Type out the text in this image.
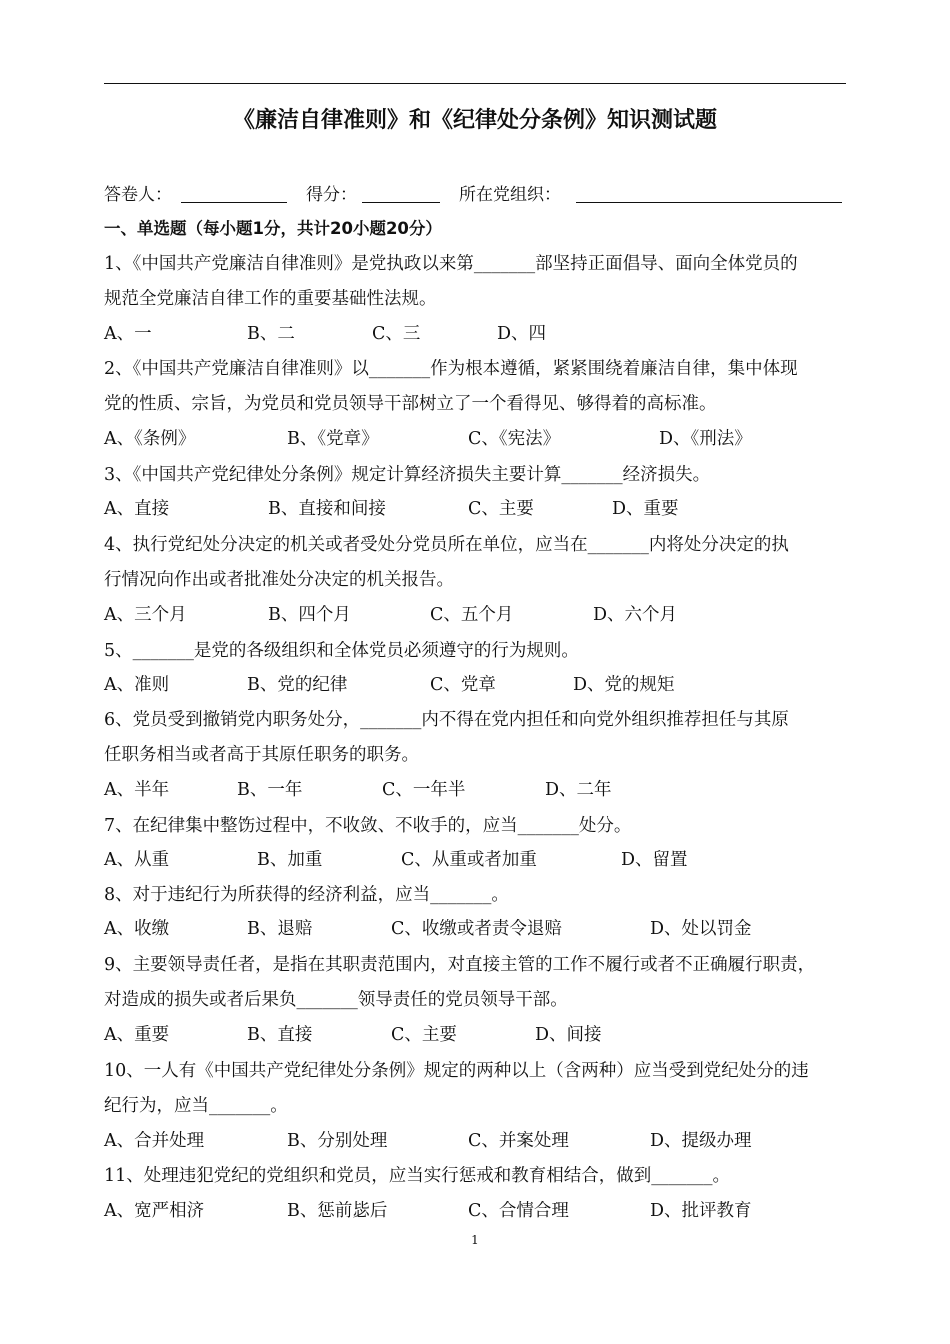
《廉洁自律准则》和《纪律处分条例》知识测试题
答卷人：	得分：	所在党组织：
一、单选题（每小题1分，共计20小题20分）
1、《中国共产党廉洁自律准则》是党执政以来第_______部坚持正面倡导、面向全体党员的
规范全党廉洁自律工作的重要基础性法规。
A、一	B、二	C、三	D、四
2、《中国共产党廉洁自律准则》以_______作为根本遵循，紧紧围绕着廉洁自律，集中体现
党的性质、宗旨，为党员和党员领导干部树立了一个看得见、够得着的高标准。
A、《条例》	B、《党章》	C、《宪法》	D、《刑法》
3、《中国共产党纪律处分条例》规定计算经济损失主要计算_______经济损失。
A、直接	B、直接和间接	C、主要	D、重要
4、执行党纪处分决定的机关或者受处分党员所在单位，应当在_______内将处分决定的执
行情况向作出或者批准处分决定的机关报告。
A、三个月	B、四个月	C、五个月	D、六个月
5、_______是党的各级组织和全体党员必须遵守的行为规则。
A、准则	B、党的纪律	C、党章	D、党的规矩
6、党员受到撤销党内职务处分，_______内不得在党内担任和向党外组织推荐担任与其原
任职务相当或者高于其原任职务的职务。
A、半年	B、一年	C、一年半	D、二年
7、在纪律集中整饬过程中，不收敛、不收手的，应当_______处分。
A、从重	B、加重	C、从重或者加重	D、留置
8、对于违纪行为所获得的经济利益，应当_______。
A、收缴	B、退赔	C、收缴或者责令退赔	D、处以罚金
9、主要领导责任者，是指在其职责范围内，对直接主管的工作不履行或者不正确履行职责，
对造成的损失或者后果负_______领导责任的党员领导干部。
A、重要	B、直接	C、主要	D、间接
10、一人有《中国共产党纪律处分条例》规定的两种以上（含两种）应当受到党纪处分的违
纪行为，应当_______。
A、合并处理	B、分别处理	C、并案处理	D、提级办理
11、处理违犯党纪的党组织和党员，应当实行惩戒和教育相结合，做到_______。
A、宽严相济	B、惩前毖后	C、合情合理	D、批评教育
1
